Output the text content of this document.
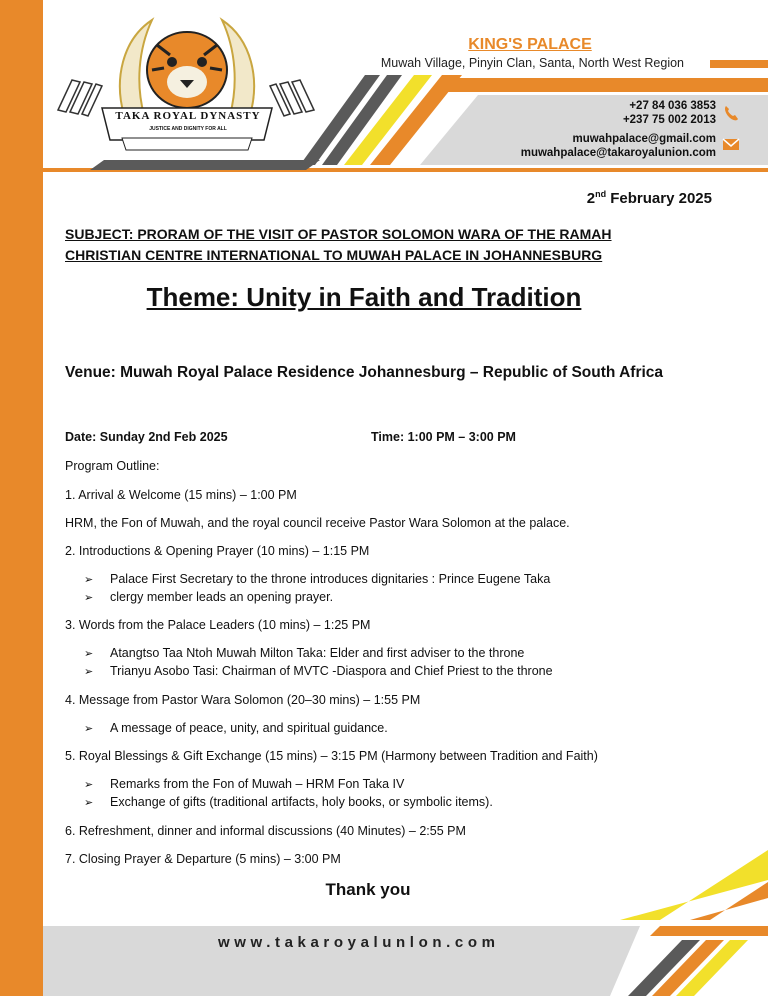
TAKA ROYAL DYNASTY
JUSTICE AND DIGNITY FOR ALL
KING'S PALACE
Muwah Village, Pinyin Clan, Santa, North West Region
+27 84 036 3853
+237 75 002 2013
muwahpalace@gmail.com
muwahpalace@takaroyalunion.com
2nd February 2025
SUBJECT: PRORAM OF THE VISIT OF PASTOR SOLOMON WARA OF THE RAMAH
CHRISTIAN CENTRE INTERNATIONAL TO MUWAH PALACE IN JOHANNESBURG
Theme: Unity in Faith and Tradition
Venue: Muwah Royal Palace Residence Johannesburg – Republic of South Africa
Date: Sunday 2nd Feb 2025	Time: 1:00 PM – 3:00 PM
Program Outline:
1. Arrival & Welcome (15 mins) – 1:00 PM
HRM, the Fon of Muwah, and the royal council receive Pastor Wara Solomon at the palace.
2. Introductions & Opening Prayer (10 mins) – 1:15 PM
➢ Palace First Secretary to the throne introduces dignitaries : Prince Eugene Taka
➢ clergy member leads an opening prayer.
3. Words from the Palace Leaders (10 mins) – 1:25 PM
➢ Atangtso Taa Ntoh Muwah Milton Taka: Elder and first adviser to the throne
➢ Trianyu Asobo Tasi: Chairman of MVTC -Diaspora and Chief Priest to the throne
4. Message from Pastor Wara Solomon (20–30 mins) – 1:55 PM
➢ A message of peace, unity, and spiritual guidance.
5. Royal Blessings & Gift Exchange (15 mins) – 3:15 PM (Harmony between Tradition and Faith)
➢ Remarks from the Fon of Muwah – HRM Fon Taka IV
➢ Exchange of gifts (traditional artifacts, holy books, or symbolic items).
6. Refreshment, dinner and informal discussions (40 Minutes) – 2:55 PM
7. Closing Prayer & Departure (5 mins) – 3:00 PM
Thank you
www.takaroyalunlon.com
